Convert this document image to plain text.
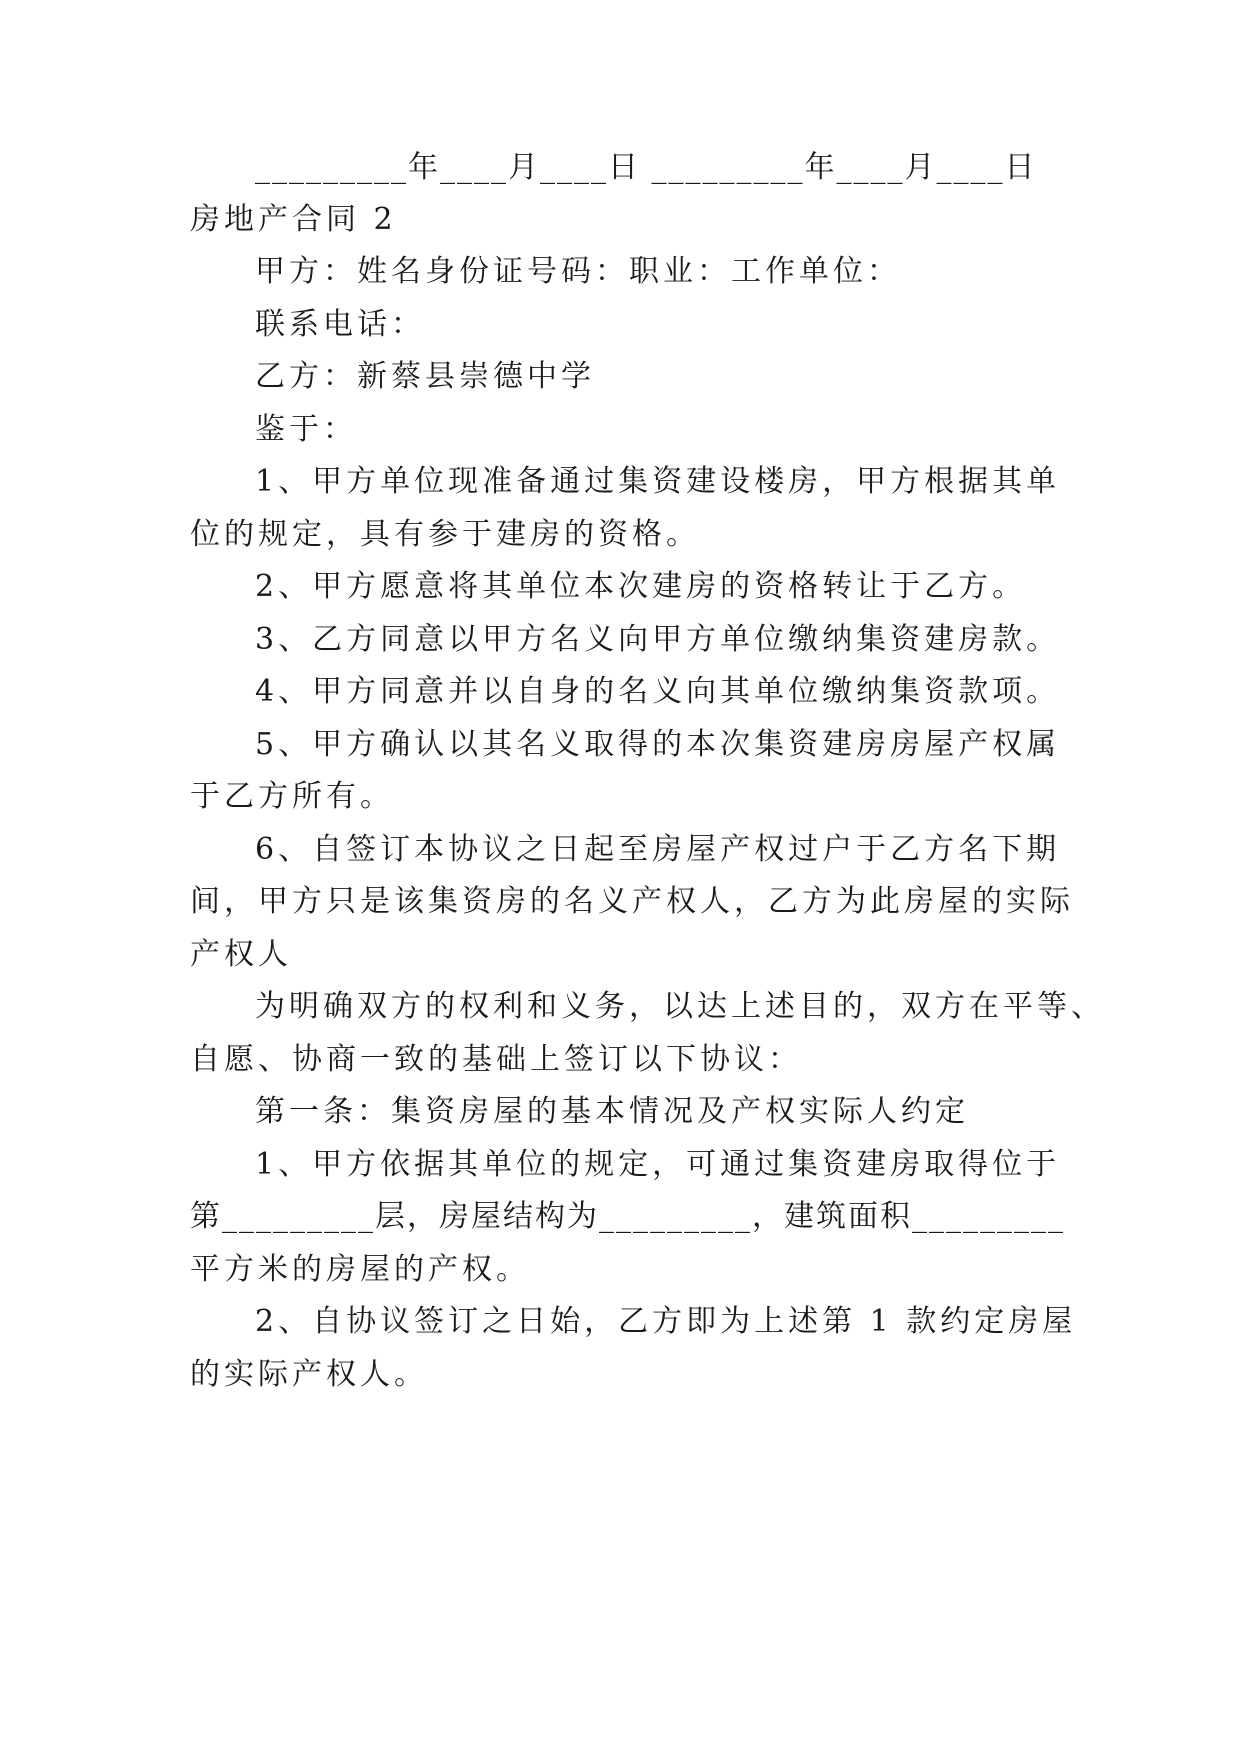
_________年____月____日 _________年____月____日
房地产合同 2
甲方：姓名身份证号码：职业：工作单位：
联系电话：
乙方：新蔡县崇德中学
鉴于：
1、甲方单位现准备通过集资建设楼房，甲方根据其单
位的规定，具有参于建房的资格。
2、甲方愿意将其单位本次建房的资格转让于乙方。
3、乙方同意以甲方名义向甲方单位缴纳集资建房款。
4、甲方同意并以自身的名义向其单位缴纳集资款项。
5、甲方确认以其名义取得的本次集资建房房屋产权属
于乙方所有。
6、自签订本协议之日起至房屋产权过户于乙方名下期
间，甲方只是该集资房的名义产权人，乙方为此房屋的实际
产权人
为明确双方的权利和义务，以达上述目的，双方在平等、
自愿、协商一致的基础上签订以下协议：
第一条：集资房屋的基本情况及产权实际人约定
1、甲方依据其单位的规定，可通过集资建房取得位于
第_________层，房屋结构为_________，建筑面积_________
平方米的房屋的产权。
2、自协议签订之日始，乙方即为上述第 1 款约定房屋
的实际产权人。
